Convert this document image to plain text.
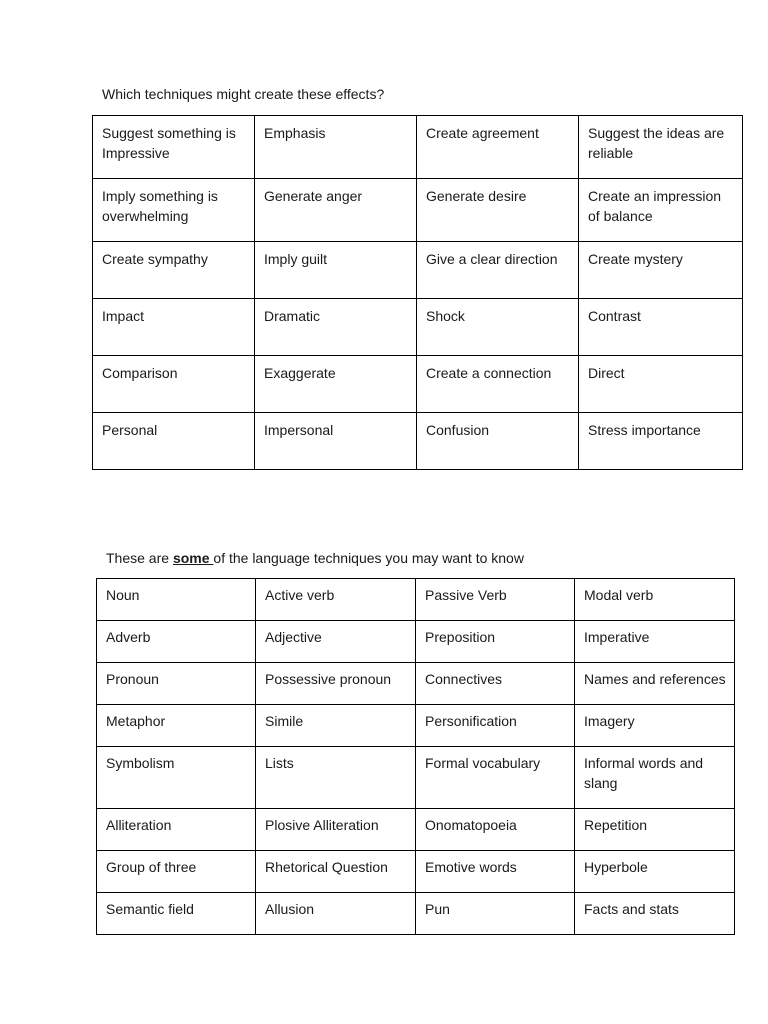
Which techniques might create these effects?
Suggest something is Impressive	Emphasis	Create agreement	Suggest the ideas are reliable
Imply something is overwhelming	Generate anger	Generate desire	Create an impression of balance
Create sympathy	Imply guilt	Give a clear direction	Create mystery
Impact	Dramatic	Shock	Contrast
Comparison	Exaggerate	Create a connection	Direct
Personal	Impersonal	Confusion	Stress importance
These are some of the language techniques you may want to know
Noun	Active verb	Passive Verb	Modal verb
Adverb	Adjective	Preposition	Imperative
Pronoun	Possessive pronoun	Connectives	Names and references
Metaphor	Simile	Personification	Imagery
Symbolism	Lists	Formal vocabulary	Informal words and slang
Alliteration	Plosive Alliteration	Onomatopoeia	Repetition
Group of three	Rhetorical Question	Emotive words	Hyperbole
Semantic field	Allusion	Pun	Facts and stats
